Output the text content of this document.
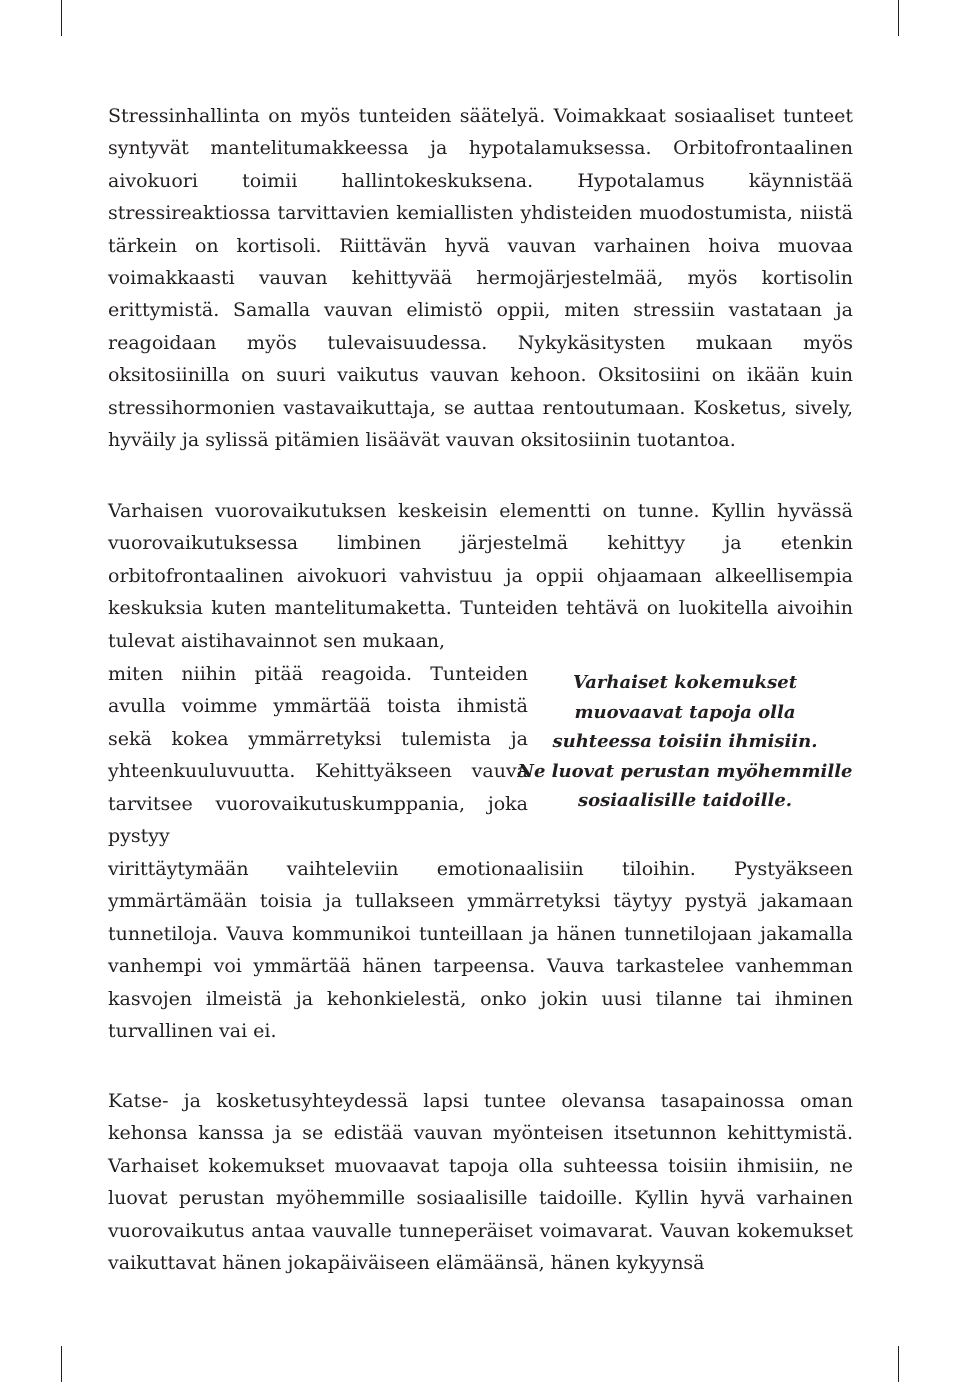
Stressinhallinta on myös tunteiden säätelyä. Voimakkaat sosiaaliset tunteet syntyvät mantelitumakkeessa ja hypotalamuksessa. Orbitofrontaalinen aivokuori toimii hallintokeskuksena. Hypotalamus käynnistää stressireaktiossa tarvittavien kemiallisten yhdisteiden muodostumista, niistä tärkein on kortisoli. Riittävän hyvä vauvan varhainen hoiva muovaa voimakkaasti vauvan kehittyvää hermojärjestelmää, myös kortisolin erittymistä. Samalla vauvan elimistö oppii, miten stressiin vastataan ja reagoidaan myös tulevaisuudessa. Nykykäsitysten mukaan myös oksitosiinilla on suuri vaikutus vauvan kehoon. Oksitosiini on ikään kuin stressihormonien vastavaikuttaja, se auttaa rentoutumaan. Kosketus, sively, hyväily ja sylissä pitämien lisäävät vauvan oksitosiinin tuotantoa.

Varhaisen vuorovaikutuksen keskeisin elementti on tunne. Kyllin hyvässä vuorovaikutuksessa limbinen järjestelmä kehittyy ja etenkin orbitofrontaalinen aivokuori vahvistuu ja oppii ohjaamaan alkeellisempia keskuksia kuten mantelitumaketta. Tunteiden tehtävä on luokitella aivoihin tulevat aistihavainnot sen mukaan,

miten niihin pitää reagoida. Tunteiden avulla voimme ymmärtää toista ihmistä sekä kokea ymmärretyksi tulemista ja yhteenkuuluvuutta. Kehittyäkseen vauva tarvitsee vuorovaikutuskumppania, joka pystyy

Varhaiset kokemukset
muovaavat tapoja olla
suhteessa toisiin ihmisiin.
Ne luovat perustan myöhemmille
sosiaalisille taidoille.

virittäytymään vaihteleviin emotionaalisiin tiloihin. Pystyäkseen ymmärtämään toisia ja tullakseen ymmärretyksi täytyy pystyä jakamaan tunnetiloja. Vauva kommunikoi tunteillaan ja hänen tunnetilojaan jakamalla vanhempi voi ymmärtää hänen tarpeensa. Vauva tarkastelee vanhemman kasvojen ilmeistä ja kehonkielestä, onko jokin uusi tilanne tai ihminen turvallinen vai ei.

Katse- ja kosketusyhteydessä lapsi tuntee olevansa tasapainossa oman kehonsa kanssa ja se edistää vauvan myönteisen itsetunnon kehittymistä. Varhaiset kokemukset muovaavat tapoja olla suhteessa toisiin ihmisiin, ne luovat perustan myöhemmille sosiaalisille taidoille. Kyllin hyvä varhainen vuorovaikutus antaa vauvalle tunneperäiset voimavarat. Vauvan kokemukset vaikuttavat hänen jokapäiväiseen elämäänsä, hänen kykyynsä
